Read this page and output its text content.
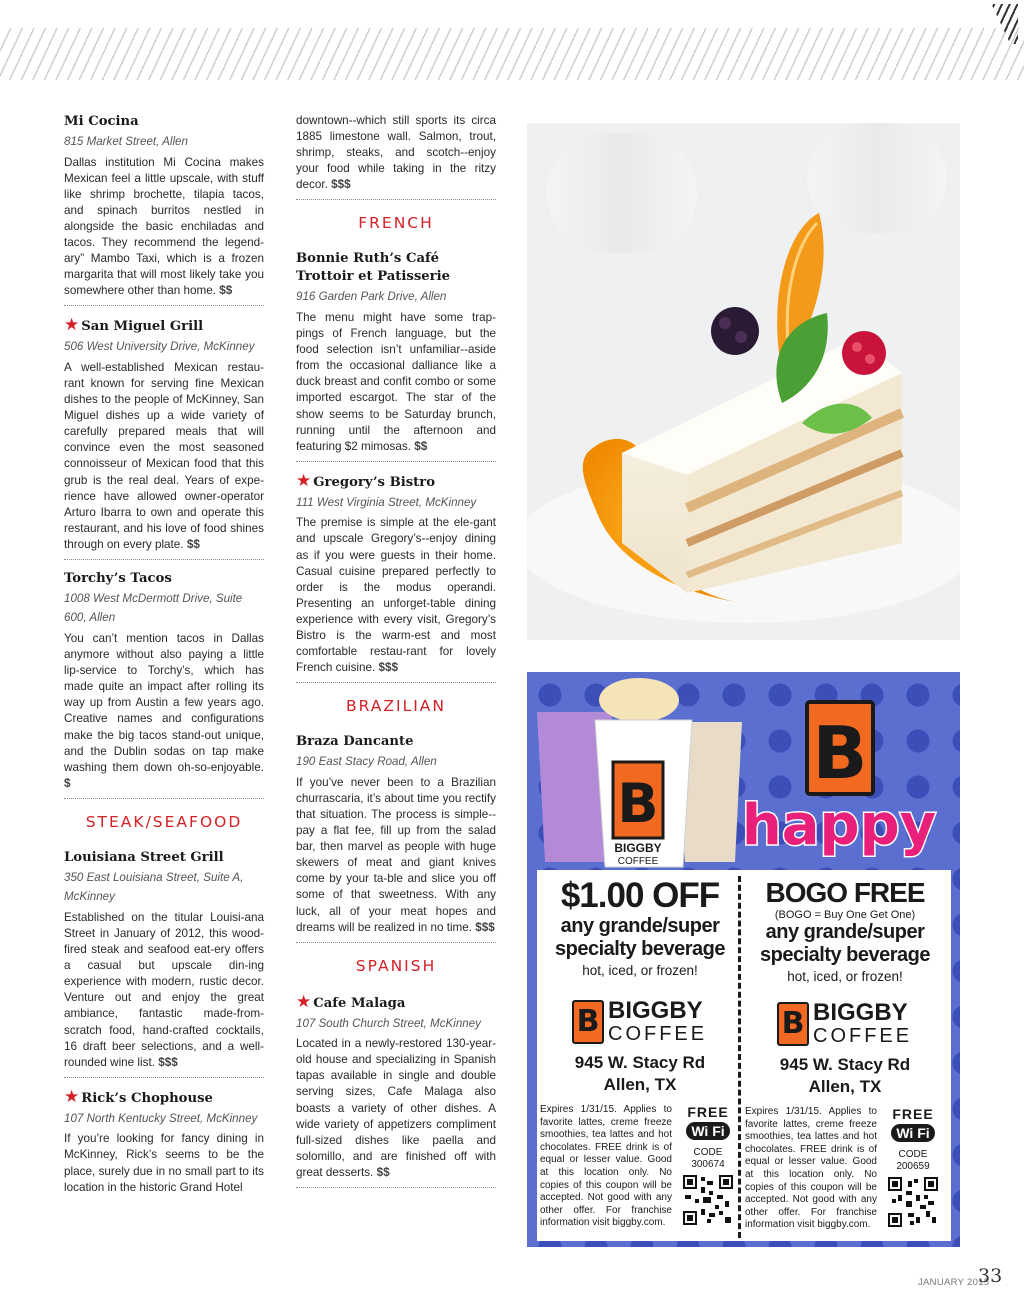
Mi Cocina
815 Market Street, Allen
Dallas institution Mi Cocina makes Mexican feel a little upscale, with stuff like shrimp brochette, tilapia tacos, and spinach burritos nestled in alongside the basic enchiladas and tacos. They recommend the legend-ary” Mambo Taxi, which is a frozen margarita that will most likely take you somewhere other than home. $$
★ San Miguel Grill
506 West University Drive, McKinney
A well-established Mexican restau-rant known for serving fine Mexican dishes to the people of McKinney, San Miguel dishes up a wide variety of carefully prepared meals that will convince even the most seasoned connoisseur of Mexican food that this grub is the real deal. Years of expe-rience have allowed owner-operator Arturo Ibarra to own and operate this restaurant, and his love of food shines through on every plate. $$
Torchy’s Tacos
1008 West McDermott Drive, Suite 600, Allen
You can’t mention tacos in Dallas anymore without also paying a little lip-service to Torchy’s, which has made quite an impact after rolling its way up from Austin a few years ago. Creative names and configurations make the big tacos stand-out unique, and the Dublin sodas on tap make washing them down oh-so-enjoyable. $
STEAK/SEAFOOD
Louisiana Street Grill
350 East Louisiana Street, Suite A, McKinney
Established on the titular Louisi-ana Street in January of 2012, this wood-fired steak and seafood eat-ery offers a casual but upscale din-ing experience with modern, rustic decor. Venture out and enjoy the great ambiance, fantastic made-from-scratch food, hand-crafted cocktails, 16 draft beer selections, and a well-rounded wine list. $$$
★ Rick’s Chophouse
107 North Kentucky Street, McKinney
If you’re looking for fancy dining in McKinney, Rick’s seems to be the place, surely due in no small part to its location in the historic Grand Hotel
downtown--which still sports its circa 1885 limestone wall. Salmon, trout, shrimp, steaks, and scotch--enjoy your food while taking in the ritzy decor. $$$
FRENCH
Bonnie Ruth’s Café Trottoir et Patisserie
916 Garden Park Drive, Allen
The menu might have some trap-pings of French language, but the food selection isn’t unfamiliar--aside from the occasional dalliance like a duck breast and confit combo or some imported escargot. The star of the show seems to be Saturday brunch, running until the afternoon and featuring $2 mimosas. $$
★ Gregory’s Bistro
111 West Virginia Street, McKinney
The premise is simple at the ele-gant and upscale Gregory’s--enjoy dining as if you were guests in their home. Casual cuisine prepared perfectly to order is the modus operandi. Presenting an unforget-table dining experience with every visit, Gregory’s Bistro is the warm-est and most comfortable restau-rant for lovely French cuisine. $$$
BRAZILIAN
Braza Dancante
190 East Stacy Road, Allen
If you’ve never been to a Brazilian churrascaria, it’s about time you rectify that situation. The process is simple--pay a flat fee, fill up from the salad bar, then marvel as people with huge skewers of meat and giant knives come by your ta-ble and slice you off some of that sweetness. With any luck, all of your meat hopes and dreams will be realized in no time. $$$
SPANISH
★ Cafe Malaga
107 South Church Street, McKinney
Located in a newly-restored 130-year-old house and specializing in Spanish tapas available in single and double serving sizes, Cafe Malaga also boasts a variety of other dishes. A wide variety of appetizers compliment full-sized dishes like paella and solomillo, and are finished off with great desserts. $$
B
BIGGBY
COFFEE
B
happy
$1.00 OFF
any grande/super
specialty beverage
hot, iced, or frozen!
B BIGGBY
COFFEE
945 W. Stacy Rd
Allen, TX
Expires 1/31/15. Applies to favorite lattes, creme freeze smoothies, tea lattes and hot chocolates. FREE drink is of equal or lesser value. Good at this location only. No copies of this coupon will be accepted. Not good with any other offer. For franchise information visit biggby.com.
FREE
Wi Fi
CODE
300674
BOGO FREE
(BOGO = Buy One Get One)
any grande/super
specialty beverage
hot, iced, or frozen!
B BIGGBY
COFFEE
945 W. Stacy Rd
Allen, TX
Expires 1/31/15. Applies to favorite lattes, creme freeze smoothies, tea lattes and hot chocolates. FREE drink is of equal or lesser value. Good at this location only. No copies of this coupon will be accepted. Not good with any other offer. For franchise information visit biggby.com.
FREE
Wi Fi
CODE
200659
JANUARY 2015
33
